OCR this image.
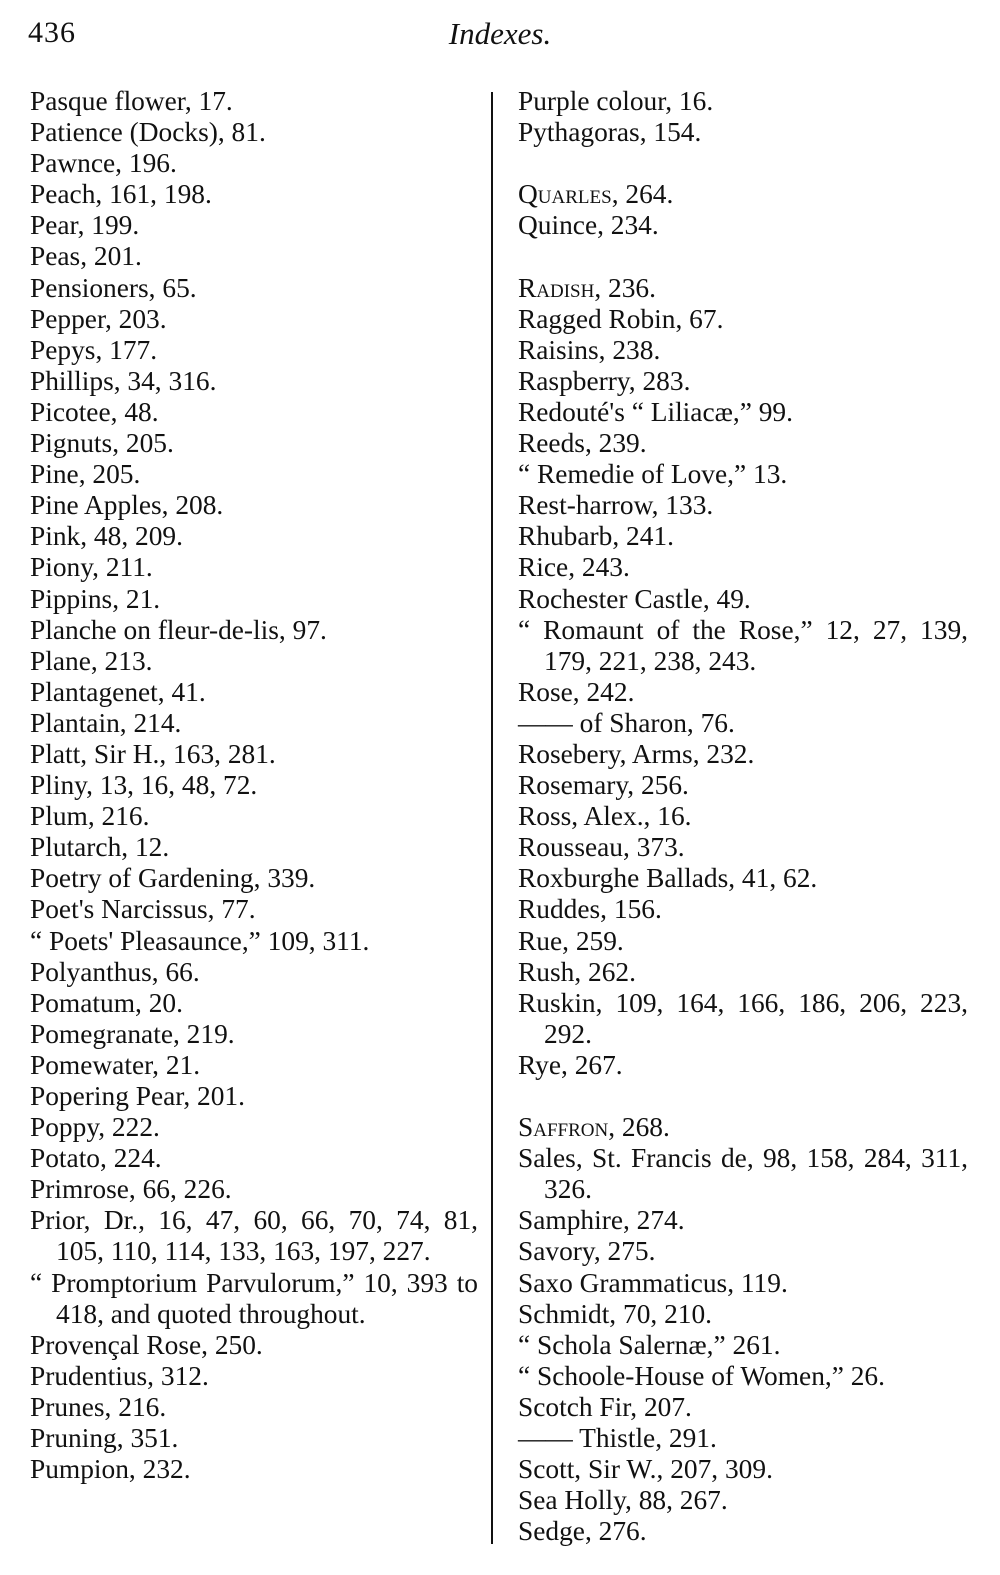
436	Indexes.
Pasque flower, 17.
Patience (Docks), 81.
Pawnce, 196.
Peach, 161, 198.
Pear, 199.
Peas, 201.
Pensioners, 65.
Pepper, 203.
Pepys, 177.
Phillips, 34, 316.
Picotee, 48.
Pignuts, 205.
Pine, 205.
Pine Apples, 208.
Pink, 48, 209.
Piony, 211.
Pippins, 21.
Planche on fleur-de-lis, 97.
Plane, 213.
Plantagenet, 41.
Plantain, 214.
Platt, Sir H., 163, 281.
Pliny, 13, 16, 48, 72.
Plum, 216.
Plutarch, 12.
Poetry of Gardening, 339.
Poet's Narcissus, 77.
“ Poets' Pleasaunce,” 109, 311.
Polyanthus, 66.
Pomatum, 20.
Pomegranate, 219.
Pomewater, 21.
Popering Pear, 201.
Poppy, 222.
Potato, 224.
Primrose, 66, 226.
Prior, Dr., 16, 47, 60, 66, 70, 74, 81, 105, 110, 114, 133, 163, 197, 227.
“ Promptorium Parvulorum,” 10, 393 to 418, and quoted throughout.
Provençal Rose, 250.
Prudentius, 312.
Prunes, 216.
Pruning, 351.
Pumpion, 232.
Purple colour, 16.
Pythagoras, 154.
Quarles, 264.
Quince, 234.
Radish, 236.
Ragged Robin, 67.
Raisins, 238.
Raspberry, 283.
Redouté's “ Liliacæ,” 99.
Reeds, 239.
“ Remedie of Love,” 13.
Rest-harrow, 133.
Rhubarb, 241.
Rice, 243.
Rochester Castle, 49.
“ Romaunt of the Rose,” 12, 27, 139, 179, 221, 238, 243.
Rose, 242.
—— of Sharon, 76.
Rosebery, Arms, 232.
Rosemary, 256.
Ross, Alex., 16.
Rousseau, 373.
Roxburghe Ballads, 41, 62.
Ruddes, 156.
Rue, 259.
Rush, 262.
Ruskin, 109, 164, 166, 186, 206, 223, 292.
Rye, 267.
Saffron, 268.
Sales, St. Francis de, 98, 158, 284, 311, 326.
Samphire, 274.
Savory, 275.
Saxo Grammaticus, 119.
Schmidt, 70, 210.
“ Schola Salernæ,” 261.
“ Schoole-House of Women,” 26.
Scotch Fir, 207.
—— Thistle, 291.
Scott, Sir W., 207, 309.
Sea Holly, 88, 267.
Sedge, 276.
